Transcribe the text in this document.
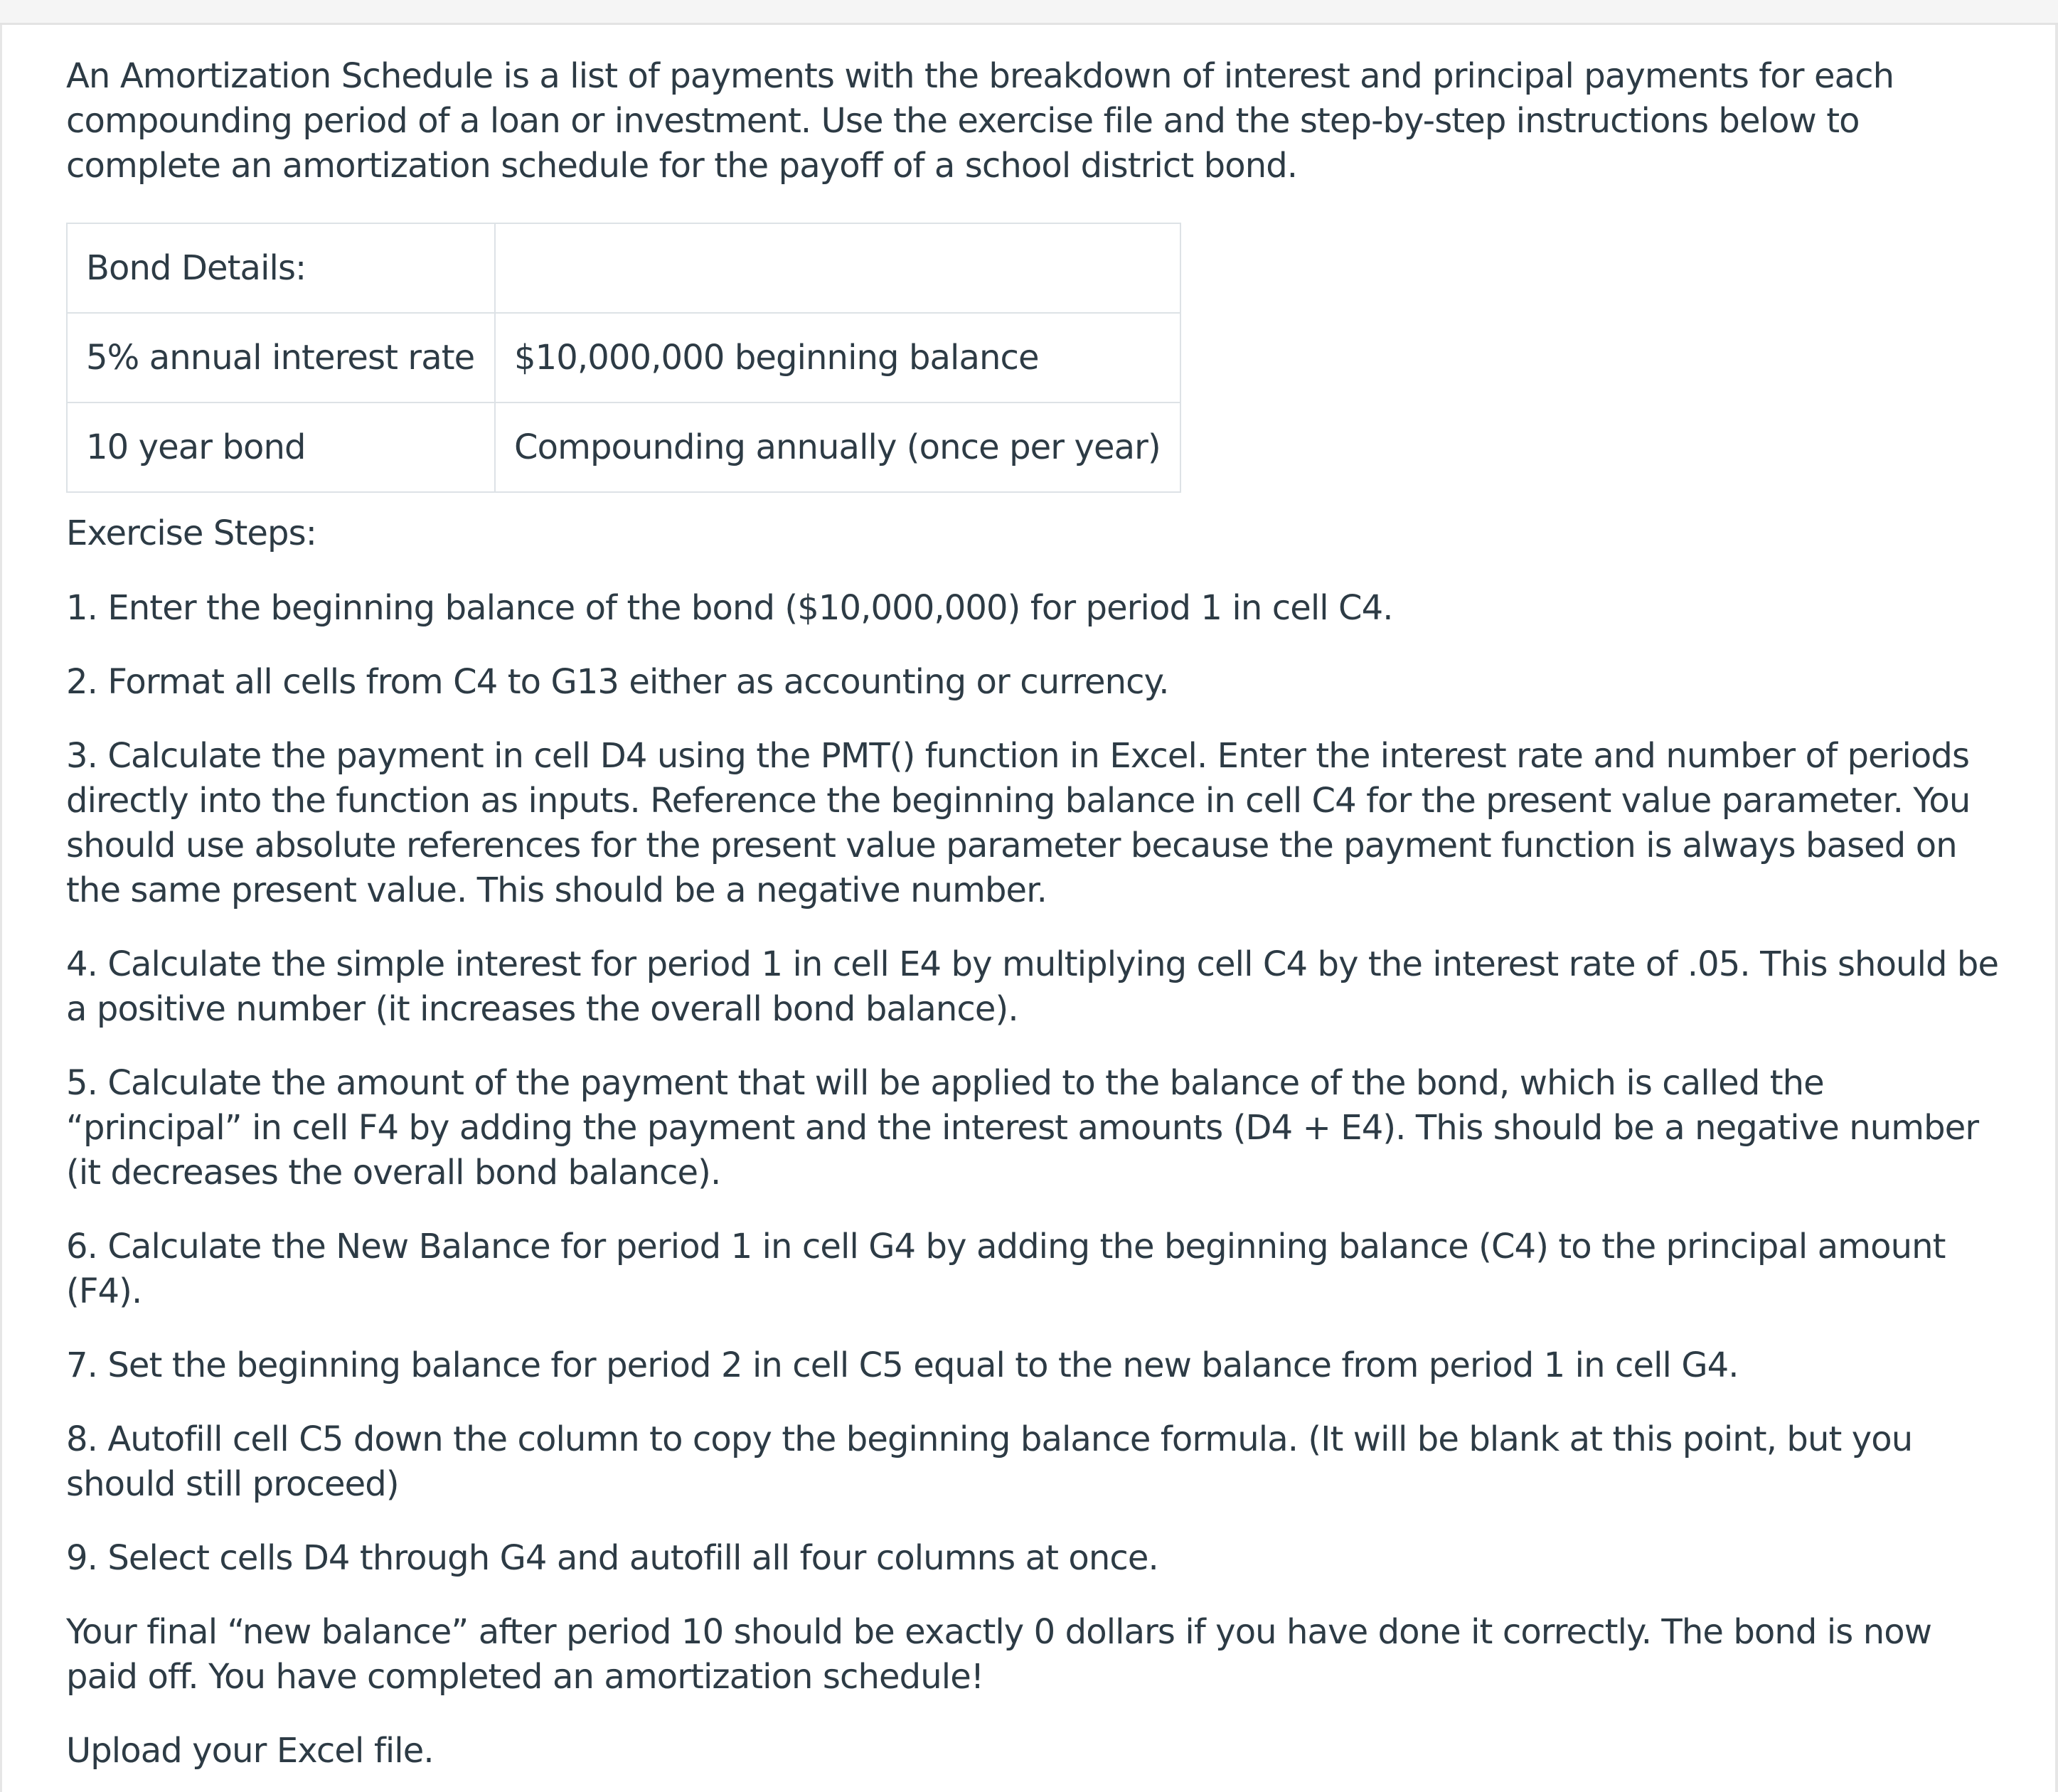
An Amortization Schedule is a list of payments with the breakdown of interest and principal payments for each compounding period of a loan or investment. Use the exercise file and the step-by-step instructions below to complete an amortization schedule for the payoff of a school district bond.

Bond Details:	
5% annual interest rate	$10,000,000 beginning balance
10 year bond	Compounding annually (once per year)

Exercise Steps:

1. Enter the beginning balance of the bond ($10,000,000) for period 1 in cell C4.

2. Format all cells from C4 to G13 either as accounting or currency.

3. Calculate the payment in cell D4 using the PMT() function in Excel. Enter the interest rate and number of periods directly into the function as inputs. Reference the beginning balance in cell C4 for the present value parameter. You should use absolute references for the present value parameter because the payment function is always based on the same present value. This should be a negative number.

4. Calculate the simple interest for period 1 in cell E4 by multiplying cell C4 by the interest rate of .05. This should be a positive number (it increases the overall bond balance).

5. Calculate the amount of the payment that will be applied to the balance of the bond, which is called the “principal” in cell F4 by adding the payment and the interest amounts (D4 + E4). This should be a negative number (it decreases the overall bond balance).

6. Calculate the New Balance for period 1 in cell G4 by adding the beginning balance (C4) to the principal amount (F4).

7. Set the beginning balance for period 2 in cell C5 equal to the new balance from period 1 in cell G4.

8. Autofill cell C5 down the column to copy the beginning balance formula. (It will be blank at this point, but you should still proceed)

9. Select cells D4 through G4 and autofill all four columns at once.

Your final “new balance” after period 10 should be exactly 0 dollars if you have done it correctly. The bond is now paid off. You have completed an amortization schedule!

Upload your Excel file.
